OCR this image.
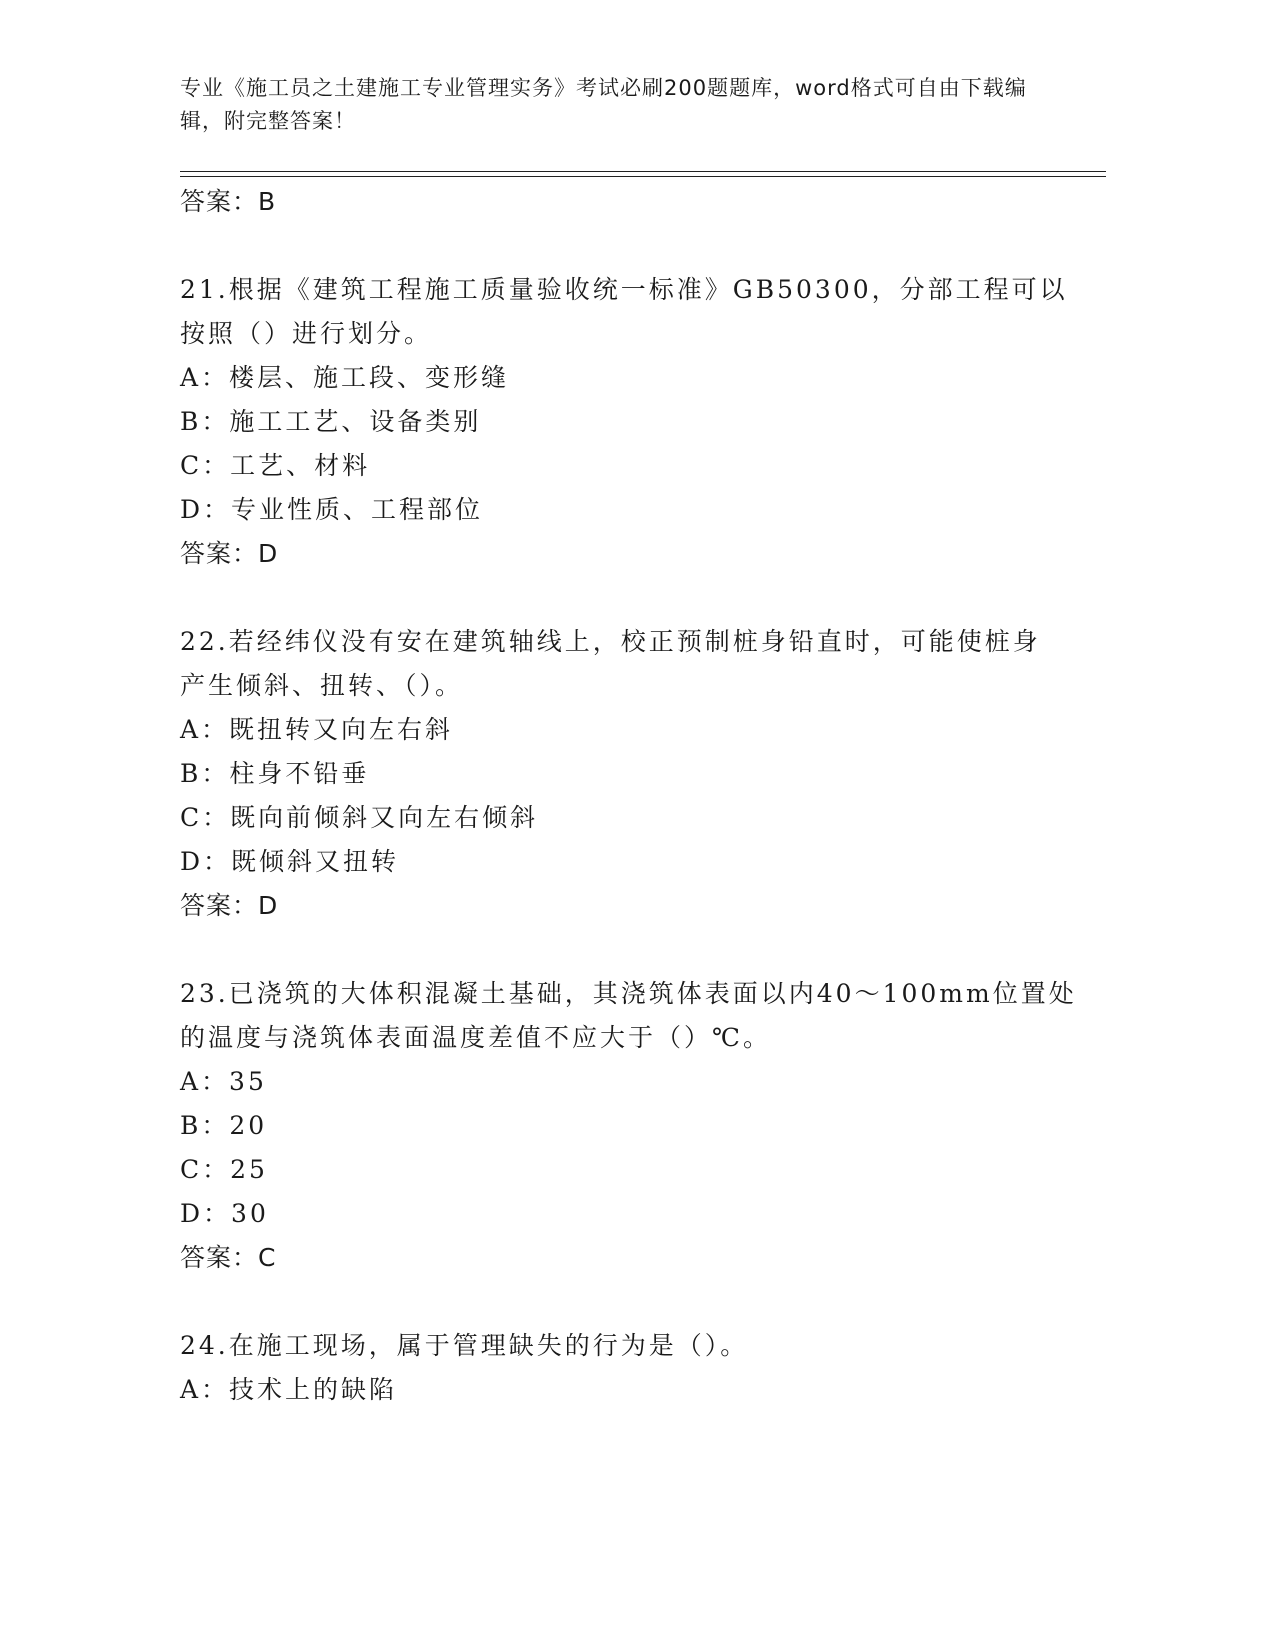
专业《施工员之土建施工专业管理实务》考试必刷200题题库，word格式可自由下载编辑，附完整答案！
答案：B
21.根据《建筑工程施工质量验收统一标准》GB50300，分部工程可以
按照（）进行划分。
A：楼层、施工段、变形缝
B：施工工艺、设备类别
C：工艺、材料
D：专业性质、工程部位
答案：D
22.若经纬仪没有安在建筑轴线上，校正预制桩身铅直时，可能使桩身
产生倾斜、扭转、（）。
A：既扭转又向左右斜
B：柱身不铅垂
C：既向前倾斜又向左右倾斜
D：既倾斜又扭转
答案：D
23.已浇筑的大体积混凝土基础，其浇筑体表面以内40～100mm位置处
的温度与浇筑体表面温度差值不应大于（）℃。
A：35
B：20
C：25
D：30
答案：C
24.在施工现场，属于管理缺失的行为是（）。
A：技术上的缺陷
